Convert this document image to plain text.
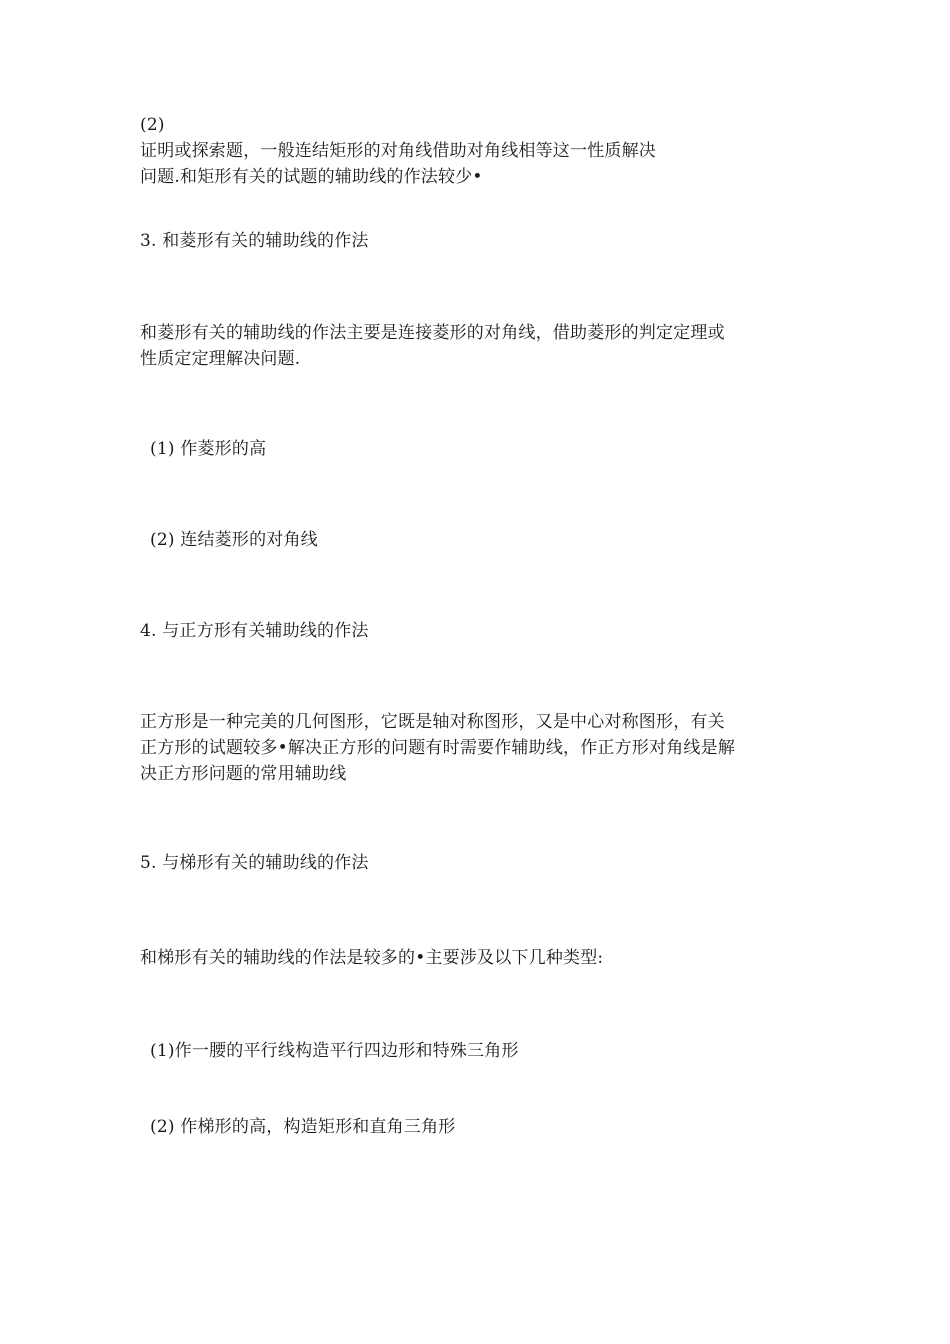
(2)
证明或探索题，一般连结矩形的对角线借助对角线相等这一性质解决
问题.和矩形有关的试题的辅助线的作法较少•
3. 和菱形有关的辅助线的作法
和菱形有关的辅助线的作法主要是连接菱形的对角线，借助菱形的判定定理或
性质定定理解决问题.
(1) 作菱形的高
(2) 连结菱形的对角线
4. 与正方形有关辅助线的作法
正方形是一种完美的几何图形，它既是轴对称图形，又是中心对称图形，有关
正方形的试题较多•解决正方形的问题有时需要作辅助线，作正方形对角线是解
决正方形问题的常用辅助线
5. 与梯形有关的辅助线的作法
和梯形有关的辅助线的作法是较多的•主要涉及以下几种类型:
(1)作一腰的平行线构造平行四边形和特殊三角形
(2) 作梯形的高，构造矩形和直角三角形
